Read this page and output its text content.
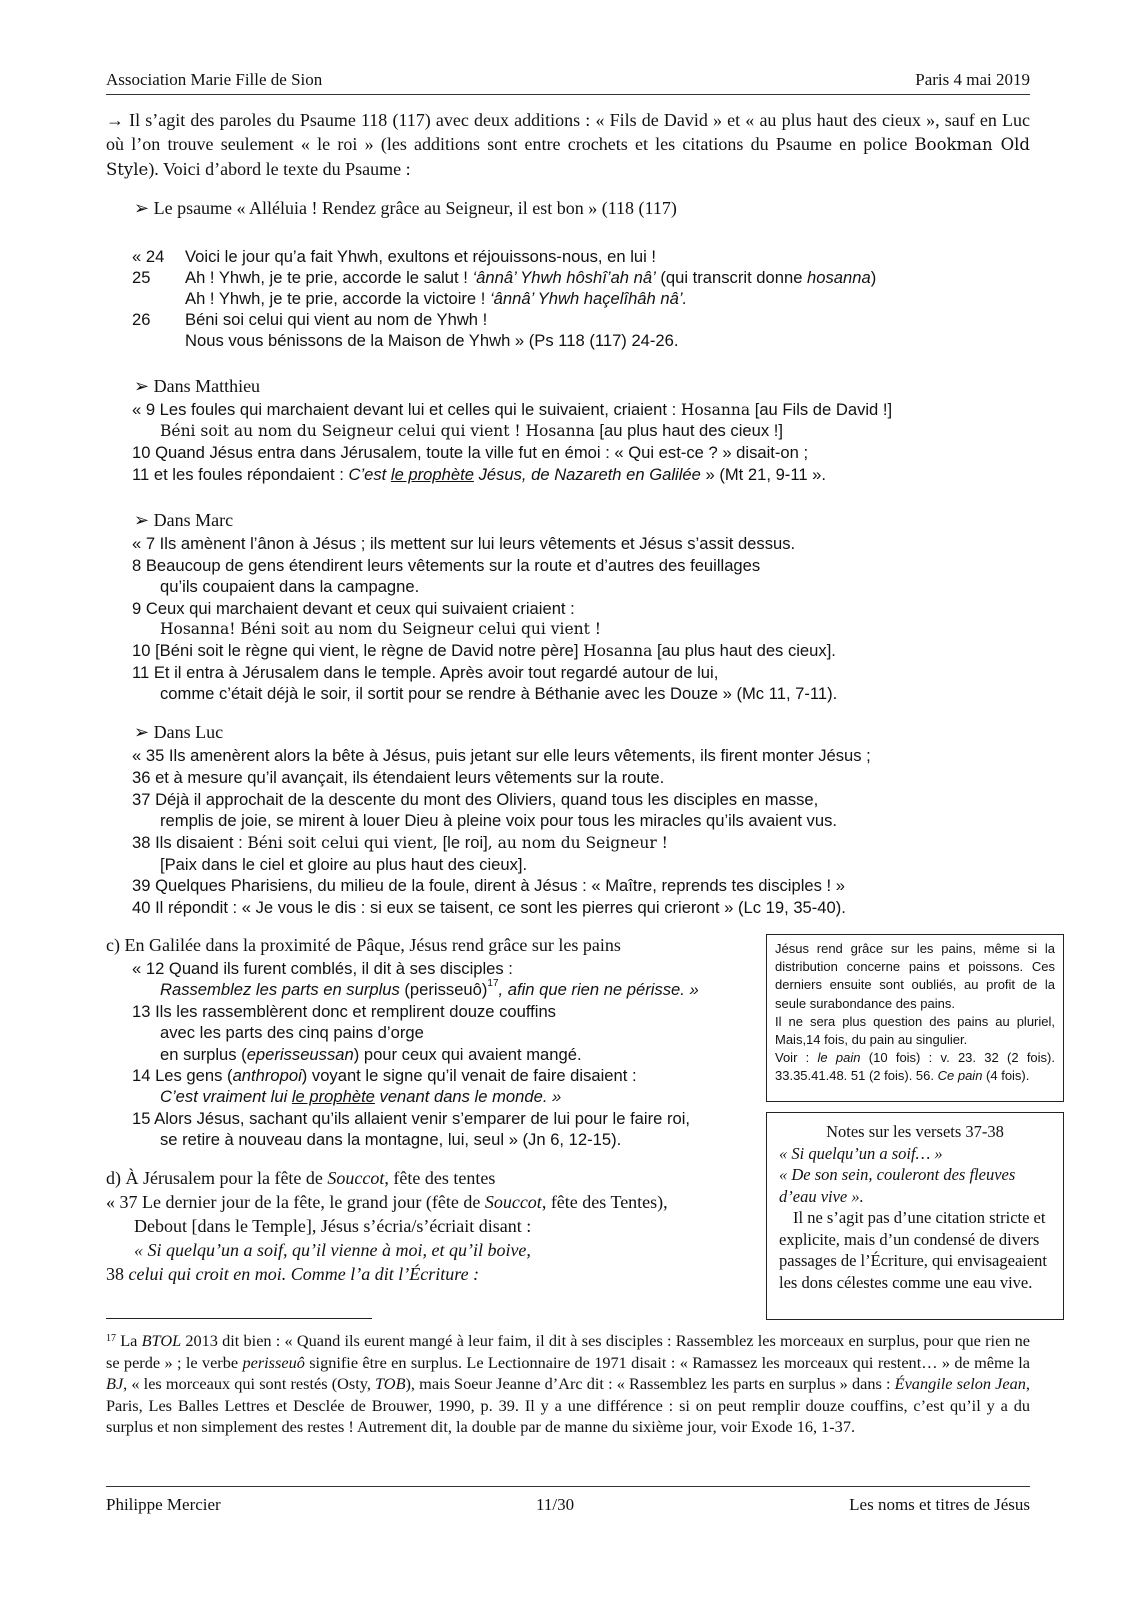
Association Marie Fille de Sion	Paris 4 mai 2019
→ Il s’agit des paroles du Psaume 118 (117) avec deux additions : « Fils de David » et « au plus haut des cieux », sauf en Luc où l’on trouve seulement « le roi » (les additions sont entre crochets et les citations du Psaume en police Bookman Old Style). Voici d’abord le texte du Psaume :
➢ Le psaume « Alléluia ! Rendez grâce au Seigneur, il est bon » (118 (117)
« 24 Voici le jour qu’a fait Yhwh, exultons et réjouissons-nous, en lui !
25 Ah ! Yhwh, je te prie, accorde le salut ! ‘ânnâ’ Yhwh hôshî’ah nâ’ (qui transcrit donne hosanna)
Ah ! Yhwh, je te prie, accorde la victoire ! ‘ânnâ’ Yhwh haçelîhâh nâ’.
26 Béni soi celui qui vient au nom de Yhwh !
Nous vous bénissons de la Maison de Yhwh » (Ps 118 (117) 24-26.
➢ Dans Matthieu
« 9 Les foules qui marchaient devant lui et celles qui le suivaient, criaient : Hosanna [au Fils de David !]
Béni soit au nom du Seigneur celui qui vient ! Hosanna [au plus haut des cieux !]
10 Quand Jésus entra dans Jérusalem, toute la ville fut en émoi : « Qui est-ce ? » disait-on ;
11 et les foules répondaient : C’est le prophète Jésus, de Nazareth en Galilée » (Mt 21, 9-11 ».
➢ Dans Marc
« 7 Ils amènent l’ânon à Jésus ; ils mettent sur lui leurs vêtements et Jésus s’assit dessus.
8 Beaucoup de gens étendirent leurs vêtements sur la route et d’autres des feuillages
qu’ils coupaient dans la campagne.
9 Ceux qui marchaient devant et ceux qui suivaient criaient :
Hosanna! Béni soit au nom du Seigneur celui qui vient !
10 [Béni soit le règne qui vient, le règne de David notre père] Hosanna [au plus haut des cieux].
11 Et il entra à Jérusalem dans le temple. Après avoir tout regardé autour de lui,
comme c’était déjà le soir, il sortit pour se rendre à Béthanie avec les Douze » (Mc 11, 7-11).
➢ Dans Luc
« 35 Ils amenèrent alors la bête à Jésus, puis jetant sur elle leurs vêtements, ils firent monter Jésus ;
36 et à mesure qu’il avançait, ils étendaient leurs vêtements sur la route.
37 Déjà il approchait de la descente du mont des Oliviers, quand tous les disciples en masse,
remplis de joie, se mirent à louer Dieu à pleine voix pour tous les miracles qu’ils avaient vus.
38 Ils disaient : Béni soit celui qui vient, [le roi], au nom du Seigneur !
[Paix dans le ciel et gloire au plus haut des cieux].
39 Quelques Pharisiens, du milieu de la foule, dirent à Jésus : « Maître, reprends tes disciples ! »
40 Il répondit : « Je vous le dis : si eux se taisent, ce sont les pierres qui crieront » (Lc 19, 35-40).
c) En Galilée dans la proximité de Pâque, Jésus rend grâce sur les pains
« 12 Quand ils furent comblés, il dit à ses disciples :
Rassemblez les parts en surplus (perisseuô)$^{17}$, afin que rien ne périsse. »
13 Ils les rassemblèrent donc et remplirent douze couffins
avec les parts des cinq pains d’orge
en surplus (eperisseussan) pour ceux qui avaient mangé.
14 Les gens (anthropoi) voyant le signe qu’il venait de faire disaient :
C’est vraiment lui le prophète venant dans le monde. »
15 Alors Jésus, sachant qu’ils allaient venir s’emparer de lui pour le faire roi,
se retire à nouveau dans la montagne, lui, seul » (Jn 6, 12-15).
d) À Jérusalem pour la fête de Souccot, fête des tentes
« 37 Le dernier jour de la fête, le grand jour (fête de Souccot, fête des Tentes),
Debout [dans le Temple], Jésus s’écria/s’écriait disant :
« Si quelqu’un a soif, qu’il vienne à moi, et qu’il boive,
38 celui qui croit en moi. Comme l’a dit l’Écriture :
Jésus rend grâce sur les pains, même si la distribution concerne pains et poissons. Ces derniers ensuite sont oubliés, au profit de la seule surabondance des pains.
Il ne sera plus question des pains au pluriel, Mais,14 fois, du pain au singulier.
Voir : le pain (10 fois) : v. 23. 32 (2 fois). 33.35.41.48. 51 (2 fois). 56. Ce pain (4 fois).
Notes sur les versets 37-38
« Si quelqu’un a soif… »
« De son sein, couleront des fleuves d’eau vive ».
Il ne s’agit pas d’une citation stricte et explicite, mais d’un condensé de divers passages de l’Écriture, qui envisageaient les dons célestes comme une eau vive.
$^{17}$ La BTOL 2013 dit bien : « Quand ils eurent mangé à leur faim, il dit à ses disciples : Rassemblez les morceaux en surplus, pour que rien ne se perde » ; le verbe perisseuô signifie être en surplus. Le Lectionnaire de 1971 disait : « Ramassez les morceaux qui restent… » de même la BJ, « les morceaux qui sont restés (Osty, TOB), mais Soeur Jeanne d’Arc dit : « Rassemblez les parts en surplus » dans : Évangile selon Jean, Paris, Les Balles Lettres et Desclée de Brouwer, 1990, p. 39. Il y a une différence : si on peut remplir douze couffins, c’est qu’il y a du surplus et non simplement des restes ! Autrement dit, la double par de manne du sixième jour, voir Exode 16, 1-37.
Philippe Mercier	11/30	Les noms et titres de Jésus
